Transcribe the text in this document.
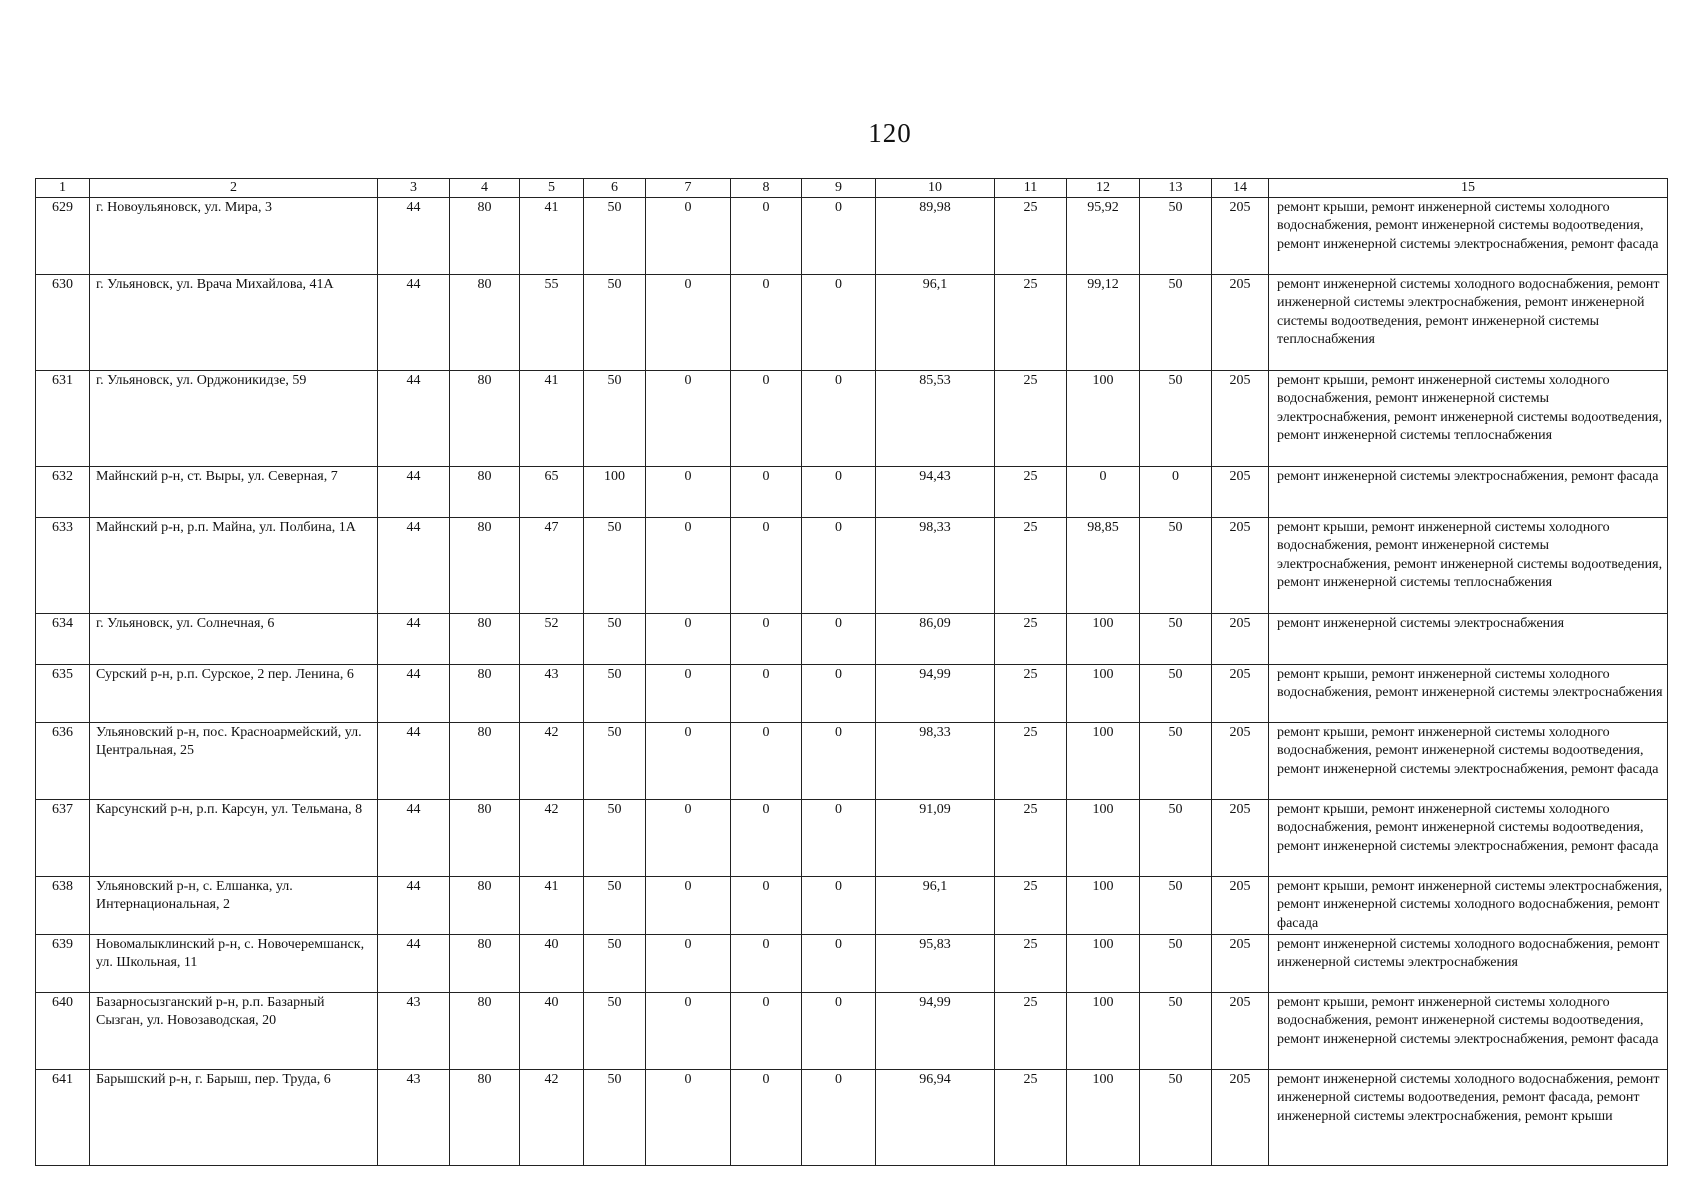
120
1	2	3	4	5	6	7	8	9	10	11	12	13	14	15
629	г. Новоульяновск, ул. Мира, 3	44	80	41	50	0	0	0	89,98	25	95,92	50	205	ремонт крыши, ремонт инженерной системы холодного водоснабжения, ремонт инженерной системы водоотведения, ремонт инженерной системы электроснабжения, ремонт фасада
630	г. Ульяновск, ул. Врача Михайлова, 41А	44	80	55	50	0	0	0	96,1	25	99,12	50	205	ремонт инженерной системы холодного водоснабжения, ремонт инженерной системы электроснабжения, ремонт инженерной системы водоотведения, ремонт инженерной системы теплоснабжения
631	г. Ульяновск, ул. Орджоникидзе, 59	44	80	41	50	0	0	0	85,53	25	100	50	205	ремонт крыши, ремонт инженерной системы холодного водоснабжения, ремонт инженерной системы электроснабжения, ремонт инженерной системы водоотведения, ремонт инженерной системы теплоснабжения
632	Майнский р-н, ст. Выры, ул. Северная, 7	44	80	65	100	0	0	0	94,43	25	0	0	205	ремонт инженерной системы электроснабжения, ремонт фасада
633	Майнский р-н, р.п. Майна, ул. Полбина, 1А	44	80	47	50	0	0	0	98,33	25	98,85	50	205	ремонт крыши, ремонт инженерной системы холодного водоснабжения, ремонт инженерной системы электроснабжения, ремонт инженерной системы водоотведения, ремонт инженерной системы теплоснабжения
634	г. Ульяновск, ул. Солнечная, 6	44	80	52	50	0	0	0	86,09	25	100	50	205	ремонт инженерной системы электроснабжения
635	Сурский р-н, р.п. Сурское, 2 пер. Ленина, 6	44	80	43	50	0	0	0	94,99	25	100	50	205	ремонт крыши, ремонт инженерной системы холодного водоснабжения, ремонт инженерной системы электроснабжения
636	Ульяновский р-н, пос. Красноармейский, ул. Центральная, 25	44	80	42	50	0	0	0	98,33	25	100	50	205	ремонт крыши, ремонт инженерной системы холодного водоснабжения, ремонт инженерной системы водоотведения, ремонт инженерной системы электроснабжения, ремонт фасада
637	Карсунский р-н, р.п. Карсун, ул. Тельмана, 8	44	80	42	50	0	0	0	91,09	25	100	50	205	ремонт крыши, ремонт инженерной системы холодного водоснабжения, ремонт инженерной системы водоотведения, ремонт инженерной системы электроснабжения, ремонт фасада
638	Ульяновский р-н, с. Елшанка, ул. Интернациональная, 2	44	80	41	50	0	0	0	96,1	25	100	50	205	ремонт крыши, ремонт инженерной системы электроснабжения, ремонт инженерной системы холодного водоснабжения, ремонт фасада
639	Новомалыклинский р-н, с. Новочеремшанск, ул. Школьная, 11	44	80	40	50	0	0	0	95,83	25	100	50	205	ремонт инженерной системы холодного водоснабжения, ремонт инженерной системы электроснабжения
640	Базарносызганский р-н, р.п. Базарный Сызган, ул. Новозаводская, 20	43	80	40	50	0	0	0	94,99	25	100	50	205	ремонт крыши, ремонт инженерной системы холодного водоснабжения, ремонт инженерной системы водоотведения, ремонт инженерной системы электроснабжения, ремонт фасада
641	Барышский р-н, г. Барыш, пер. Труда, 6	43	80	42	50	0	0	0	96,94	25	100	50	205	ремонт инженерной системы холодного водоснабжения, ремонт инженерной системы водоотведения, ремонт фасада, ремонт инженерной системы электроснабжения, ремонт крыши
